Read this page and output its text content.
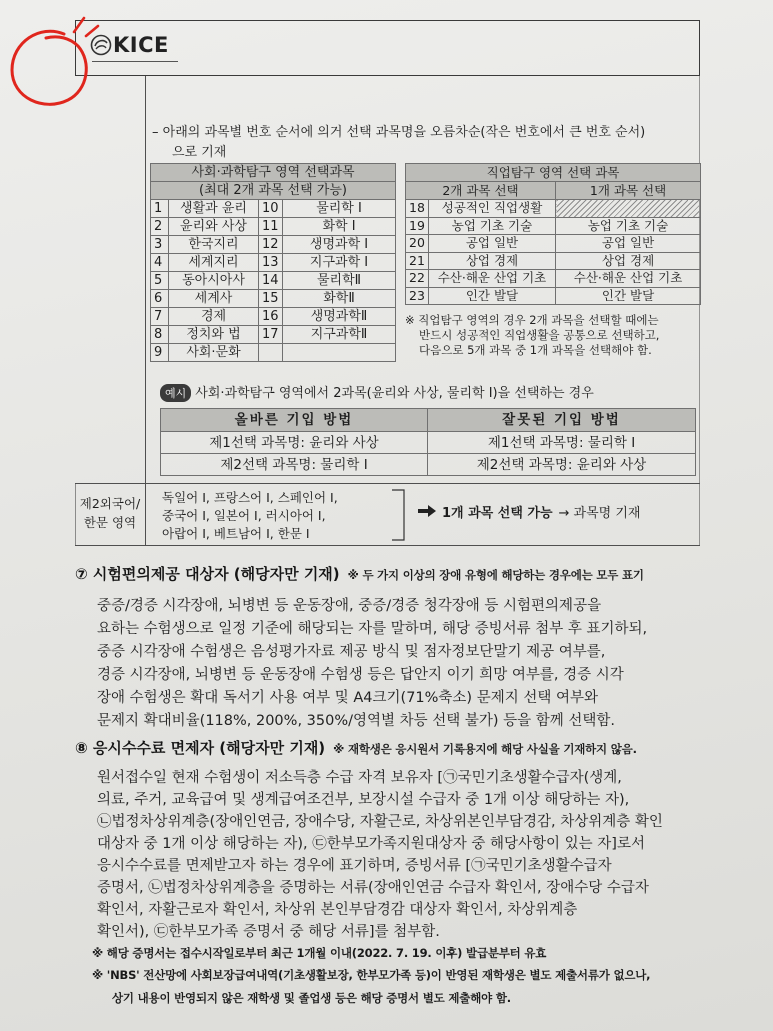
KICE
– 아래의 과목별 번호 순서에 의거 선택 과목명을 오름차순(작은 번호에서 큰 번호 순서)
으로 기재
사회·과학탐구 영역 선택과목			
(최대 2개 과목 선택 가능)			
1	생활과 윤리	10	물리학 Ⅰ
2	윤리와 사상	11	화학 Ⅰ
3	한국지리	12	생명과학 Ⅰ
4	세계지리	13	지구과학 Ⅰ
5	동아시아사	14	물리학Ⅱ
6	세계사	15	화학Ⅱ
7	경제	16	생명과학Ⅱ
8	정치와 법	17	지구과학Ⅱ
9	사회·문화		
직업탐구 영역 선택 과목		
2개 과목 선택		1개 과목 선택
18	성공적인 직업생활	
19	농업 기초 기술	농업 기초 기술
20	공업 일반	공업 일반
21	상업 경제	상업 경제
22	수산·해운 산업 기초	수산·해운 산업 기초
23	인간 발달	인간 발달
※ 직업탐구 영역의 경우 2개 과목을 선택할 때에는
반드시 성공적인 직업생활을 공통으로 선택하고,
다음으로 5개 과목 중 1개 과목을 선택해야 함.
예시 사회·과학탐구 영역에서 2과목(윤리와 사상, 물리학 Ⅰ)을 선택하는 경우
올바른 기입 방법	잘못된 기입 방법
제1선택 과목명: 윤리와 사상	제1선택 과목명: 물리학 Ⅰ
제2선택 과목명: 물리학 Ⅰ	제2선택 과목명: 윤리와 사상
제2외국어/
한문 영역
독일어 Ⅰ, 프랑스어 Ⅰ, 스페인어 Ⅰ,
중국어 Ⅰ, 일본어 Ⅰ, 러시아어 Ⅰ,
아랍어 Ⅰ, 베트남어 Ⅰ, 한문 Ⅰ
1개 과목 선택 가능 → 과목명 기재
⑦ 시험편의제공 대상자 (해당자만 기재) ※ 두 가지 이상의 장애 유형에 해당하는 경우에는 모두 표기
중증/경증 시각장애, 뇌병변 등 운동장애, 중증/경증 청각장애 등 시험편의제공을
요하는 수험생으로 일정 기준에 해당되는 자를 말하며, 해당 증빙서류 첨부 후 표기하되,
중증 시각장애 수험생은 음성평가자료 제공 방식 및 점자정보단말기 제공 여부를,
경증 시각장애, 뇌병변 등 운동장애 수험생 등은 답안지 이기 희망 여부를, 경증 시각
장애 수험생은 확대 독서기 사용 여부 및 A4크기(71%축소) 문제지 선택 여부와
문제지 확대비율(118%, 200%, 350%/영역별 차등 선택 불가) 등을 함께 선택함.
⑧ 응시수수료 면제자 (해당자만 기재) ※ 재학생은 응시원서 기록용지에 해당 사실을 기재하지 않음.
원서접수일 현재 수험생이 저소득층 수급 자격 보유자 [㉠국민기초생활수급자(생계,
의료, 주거, 교육급여 및 생계급여조건부, 보장시설 수급자 중 1개 이상 해당하는 자),
㉡법정차상위계층(장애인연금, 장애수당, 자활근로, 차상위본인부담경감, 차상위계층 확인
대상자 중 1개 이상 해당하는 자), ㉢한부모가족지원대상자 중 해당사항이 있는 자]로서
응시수수료를 면제받고자 하는 경우에 표기하며, 증빙서류 [㉠국민기초생활수급자
증명서, ㉡법정차상위계층을 증명하는 서류(장애인연금 수급자 확인서, 장애수당 수급자
확인서, 자활근로자 확인서, 차상위 본인부담경감 대상자 확인서, 차상위계층
확인서), ㉢한부모가족 증명서 중 해당 서류]를 첨부함.
※ 해당 증명서는 접수시작일로부터 최근 1개월 이내(2022. 7. 19. 이후) 발급분부터 유효
※ 'NBS' 전산망에 사회보장급여내역(기초생활보장, 한부모가족 등)이 반영된 재학생은 별도 제출서류가 없으나,
상기 내용이 반영되지 않은 재학생 및 졸업생 등은 해당 증명서 별도 제출해야 함.
